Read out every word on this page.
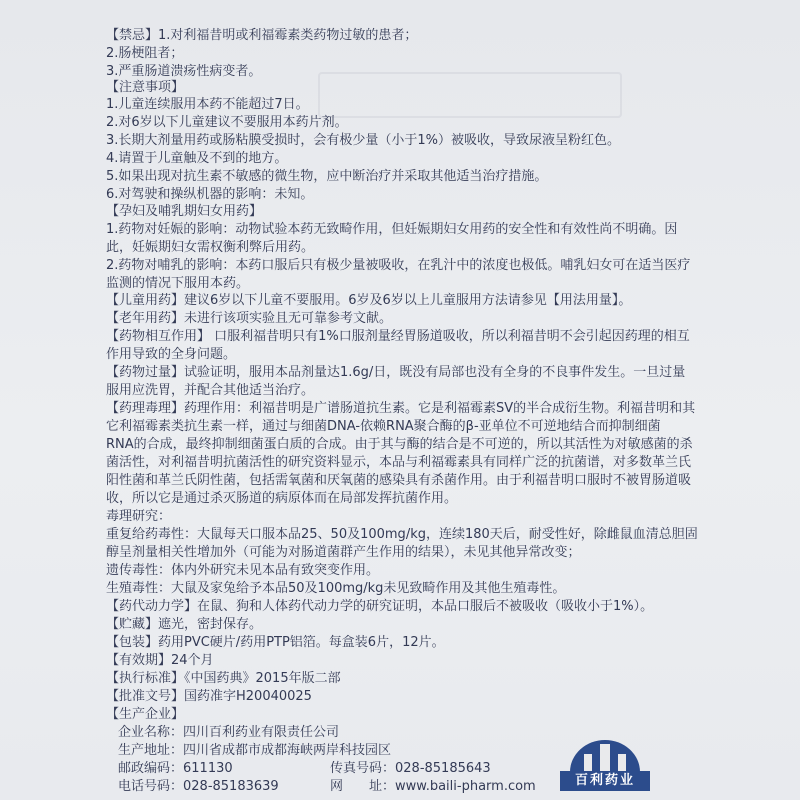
【禁忌】1.对利福昔明或利福霉素类药物过敏的患者；
2.肠梗阻者；
3.严重肠道溃疡性病变者。
【注意事项】
1.儿童连续服用本药不能超过7日。
2.对6岁以下儿童建议不要服用本药片剂。
3.长期大剂量用药或肠粘膜受损时，会有极少量（小于1%）被吸收，导致尿液呈粉红色。
4.请置于儿童触及不到的地方。
5.如果出现对抗生素不敏感的微生物，应中断治疗并采取其他适当治疗措施。
6.对驾驶和操纵机器的影响：未知。
【孕妇及哺乳期妇女用药】
1.药物对妊娠的影响：动物试验本药无致畸作用，但妊娠期妇女用药的安全性和有效性尚不明确。因
此，妊娠期妇女需权衡利弊后用药。
2.药物对哺乳的影响：本药口服后只有极少量被吸收，在乳汁中的浓度也极低。哺乳妇女可在适当医疗
监测的情况下服用本药。
【儿童用药】建议6岁以下儿童不要服用。6岁及6岁以上儿童服用方法请参见【用法用量】。
【老年用药】未进行该项实验且无可靠参考文献。
【药物相互作用】 口服利福昔明只有1%口服剂量经胃肠道吸收，所以利福昔明不会引起因药理的相互
作用导致的全身问题。
【药物过量】试验证明，服用本品剂量达1.6g/日，既没有局部也没有全身的不良事件发生。一旦过量
服用应洗胃，并配合其他适当治疗。
【药理毒理】药理作用：利福昔明是广谱肠道抗生素。它是利福霉素SV的半合成衍生物。利福昔明和其
它利福霉素类抗生素一样，通过与细菌DNA-依赖RNA聚合酶的β-亚单位不可逆地结合而抑制细菌
RNA的合成，最终抑制细菌蛋白质的合成。由于其与酶的结合是不可逆的，所以其活性为对敏感菌的杀
菌活性，对利福昔明抗菌活性的研究资料显示，本品与利福霉素具有同样广泛的抗菌谱，对多数革兰氏
阳性菌和革兰氏阴性菌，包括需氧菌和厌氧菌的感染具有杀菌作用。由于利福昔明口服时不被胃肠道吸
收，所以它是通过杀灭肠道的病原体而在局部发挥抗菌作用。
毒理研究：
重复给药毒性：大鼠每天口服本品25、50及100mg/kg，连续180天后，耐受性好，除雌鼠血清总胆固
醇呈剂量相关性增加外（可能为对肠道菌群产生作用的结果），未见其他异常改变；
遗传毒性：体内外研究未见本品有致突变作用。
生殖毒性：大鼠及家兔给予本品50及100mg/kg未见致畸作用及其他生殖毒性。
【药代动力学】在鼠、狗和人体药代动力学的研究证明，本品口服后不被吸收（吸收小于1%）。
【贮藏】遮光，密封保存。
【包装】药用PVC硬片/药用PTP铝箔。每盒装6片，12片。
【有效期】24个月
【执行标准】《中国药典》2015年版二部
【批准文号】国药准字H20040025
【生产企业】
企业名称：四川百利药业有限责任公司
生产地址：四川省成都市成都海峡两岸科技园区
邮政编码：611130
电话号码：028-85183639
传真号码：028-85185643
网　　址：www.baili-pharm.com	百利药业
